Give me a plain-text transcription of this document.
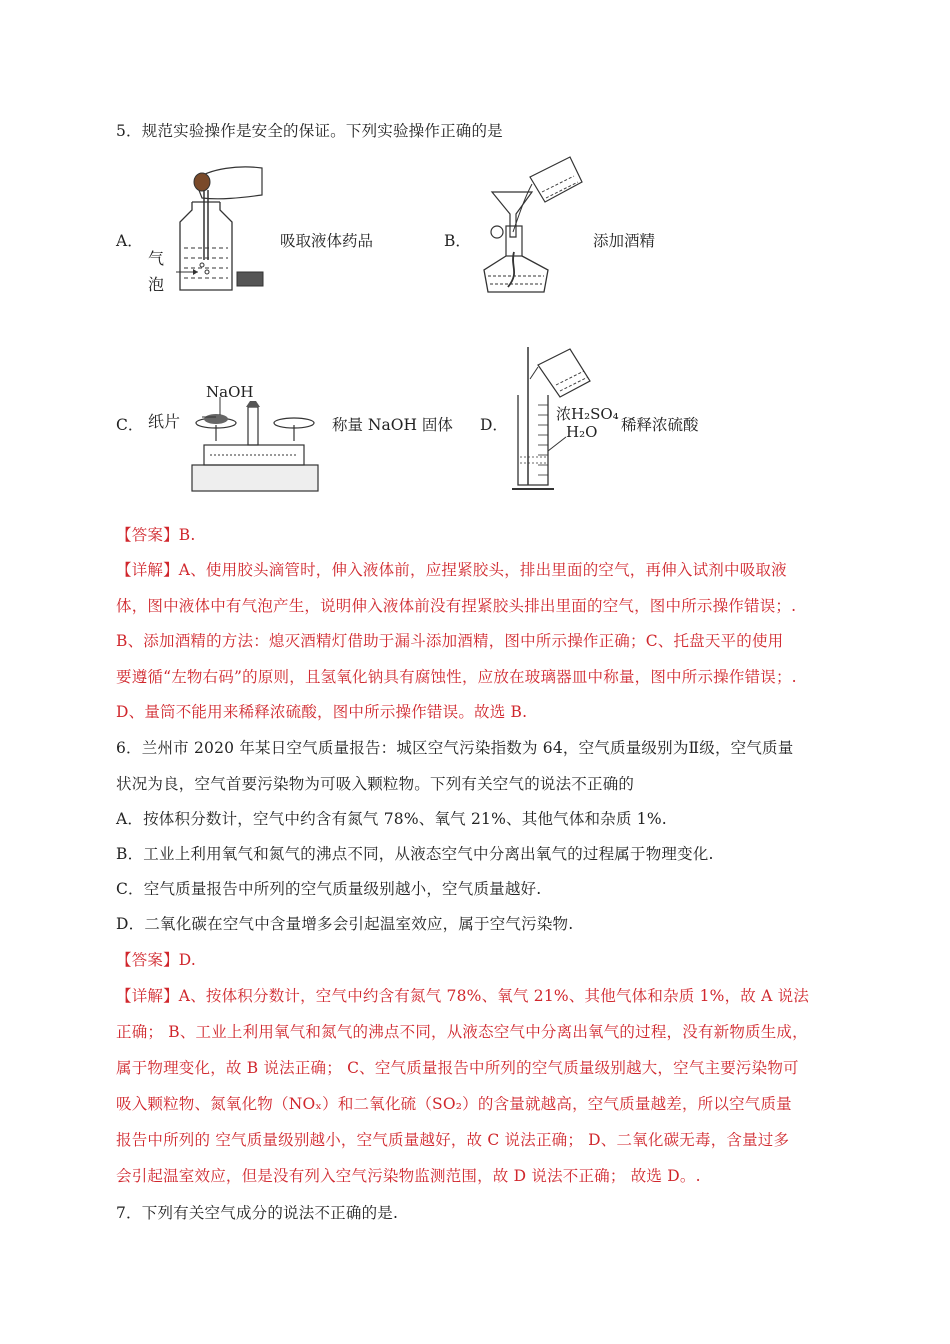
5．规范实验操作是安全的保证。下列实验操作正确的是
A．
气
泡
吸取液体药品	B．	添加酒精
C．
NaOH
纸片	称量 NaOH 固体 D．
浓H₂SO₄
H₂O 稀释浓硫酸
【答案】B.
【详解】A、使用胶头滴管时，伸入液体前，应捏紧胶头，排出里面的空气，再伸入试剂中吸取液
体，图中液体中有气泡产生，说明伸入液体前没有捏紧胶头排出里面的空气，图中所示操作错误；.
B、添加酒精的方法：熄灭酒精灯借助于漏斗添加酒精，图中所示操作正确；C、托盘天平的使用
要遵循“左物右码”的原则，且氢氧化钠具有腐蚀性，应放在玻璃器皿中称量，图中所示操作错误；.
D、量筒不能用来稀释浓硫酸，图中所示操作错误。故选 B.
6．兰州市 2020 年某日空气质量报告：城区空气污染指数为 64，空气质量级别为Ⅱ级，空气质量
状况为良，空气首要污染物为可吸入颗粒物。下列有关空气的说法不正确的
A．按体积分数计，空气中约含有氮气 78%、氧气 21%、其他气体和杂质 1%.
B．工业上利用氧气和氮气的沸点不同，从液态空气中分离出氧气的过程属于物理变化.
C．空气质量报告中所列的空气质量级别越小，空气质量越好.
D．二氧化碳在空气中含量增多会引起温室效应，属于空气污染物.
【答案】D.
【详解】A、按体积分数计，空气中约含有氮气 78%、氧气 21%、其他气体和杂质 1%，故 A 说法
正确； B、工业上利用氧气和氮气的沸点不同，从液态空气中分离出氧气的过程，没有新物质生成，
属于物理变化，故 B 说法正确； C、空气质量报告中所列的空气质量级别越大，空气主要污染物可
吸入颗粒物、氮氧化物（NOₓ）和二氧化硫（SO₂）的含量就越高，空气质量越差，所以空气质量
报告中所列的 空气质量级别越小，空气质量越好，故 C 说法正确； D、二氧化碳无毒，含量过多
会引起温室效应，但是没有列入空气污染物监测范围，故 D 说法不正确； 故选 D。.
7．下列有关空气成分的说法不正确的是.
